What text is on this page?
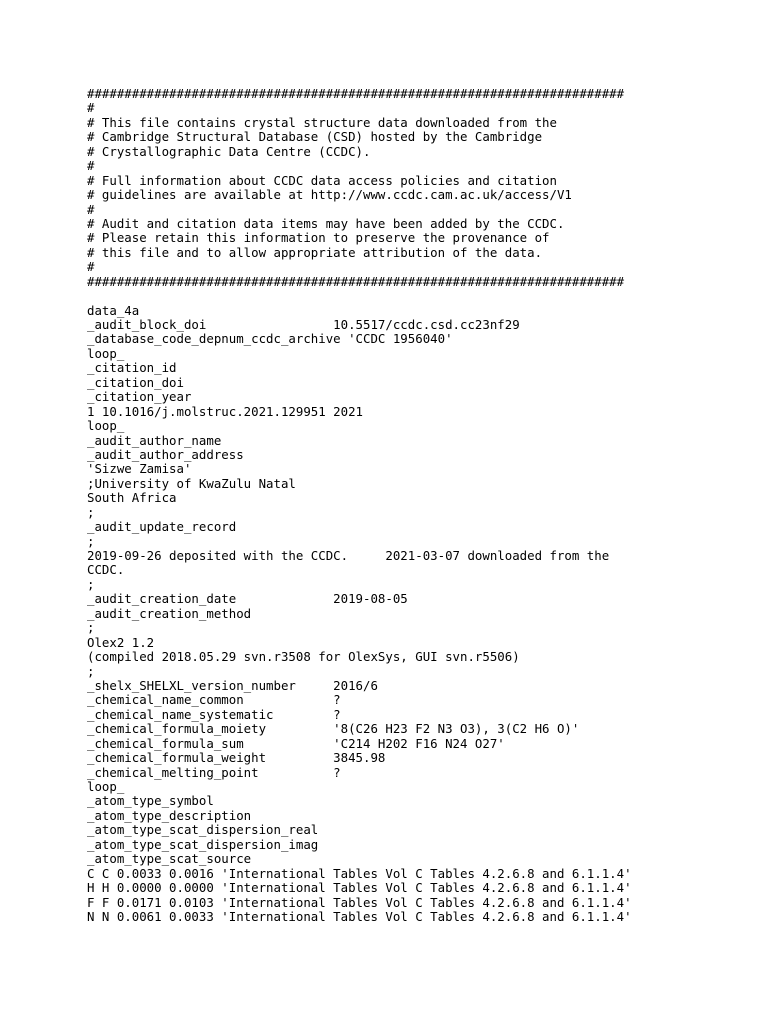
########################################################################
#
# This file contains crystal structure data downloaded from the
# Cambridge Structural Database (CSD) hosted by the Cambridge
# Crystallographic Data Centre (CCDC).
#
# Full information about CCDC data access policies and citation
# guidelines are available at http://www.ccdc.cam.ac.uk/access/V1
#
# Audit and citation data items may have been added by the CCDC.
# Please retain this information to preserve the provenance of
# this file and to allow appropriate attribution of the data.
#
########################################################################
data_4a
_audit_block_doi                 10.5517/ccdc.csd.cc23nf29
_database_code_depnum_ccdc_archive 'CCDC 1956040'
loop_
_citation_id
_citation_doi
_citation_year
1 10.1016/j.molstruc.2021.129951 2021
loop_
_audit_author_name
_audit_author_address
'Sizwe Zamisa'
;University of KwaZulu Natal
South Africa
;
_audit_update_record
;
2019-09-26 deposited with the CCDC.     2021-03-07 downloaded from the
CCDC.
;
_audit_creation_date             2019-08-05
_audit_creation_method
;
Olex2 1.2
(compiled 2018.05.29 svn.r3508 for OlexSys, GUI svn.r5506)
;
_shelx_SHELXL_version_number     2016/6
_chemical_name_common            ?
_chemical_name_systematic        ?
_chemical_formula_moiety         '8(C26 H23 F2 N3 O3), 3(C2 H6 O)'
_chemical_formula_sum            'C214 H202 F16 N24 O27'
_chemical_formula_weight         3845.98
_chemical_melting_point          ?
loop_
_atom_type_symbol
_atom_type_description
_atom_type_scat_dispersion_real
_atom_type_scat_dispersion_imag
_atom_type_scat_source
C C 0.0033 0.0016 'International Tables Vol C Tables 4.2.6.8 and 6.1.1.4'
H H 0.0000 0.0000 'International Tables Vol C Tables 4.2.6.8 and 6.1.1.4'
F F 0.0171 0.0103 'International Tables Vol C Tables 4.2.6.8 and 6.1.1.4'
N N 0.0061 0.0033 'International Tables Vol C Tables 4.2.6.8 and 6.1.1.4'
